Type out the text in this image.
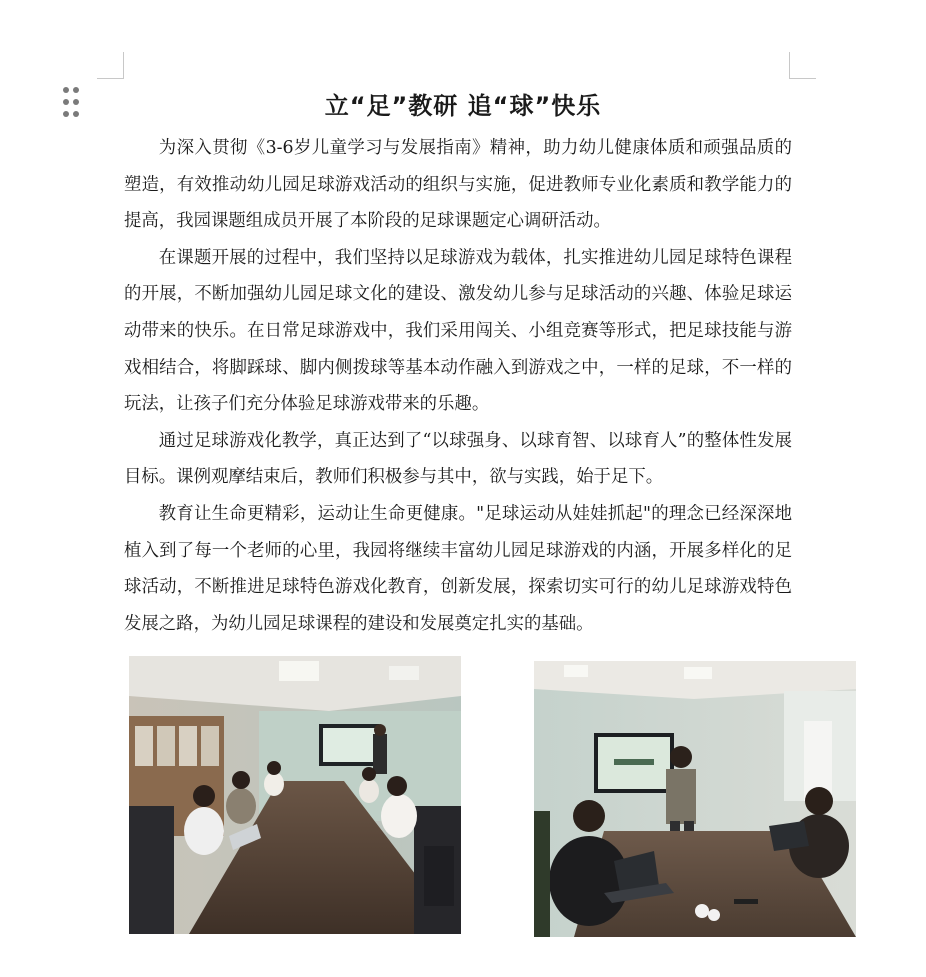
立“足”教研 追“球”快乐

为深入贯彻《3-6岁儿童学习与发展指南》精神，助力幼儿健康体质和顽强品质的塑造，有效推动幼儿园足球游戏活动的组织与实施，促进教师专业化素质和教学能力的提高，我园课题组成员开展了本阶段的足球课题定心调研活动。

在课题开展的过程中，我们坚持以足球游戏为载体，扎实推进幼儿园足球特色课程的开展，不断加强幼儿园足球文化的建设、激发幼儿参与足球活动的兴趣、体验足球运动带来的快乐。在日常足球游戏中，我们采用闯关、小组竞赛等形式，把足球技能与游戏相结合，将脚踩球、脚内侧拨球等基本动作融入到游戏之中，一样的足球，不一样的玩法，让孩子们充分体验足球游戏带来的乐趣。

通过足球游戏化教学，真正达到了“以球强身、以球育智、以球育人”的整体性发展目标。课例观摩结束后，教师们积极参与其中，欲与实践，始于足下。

教育让生命更精彩，运动让生命更健康。"足球运动从娃娃抓起"的理念已经深深地植入到了每一个老师的心里，我园将继续丰富幼儿园足球游戏的内涵，开展多样化的足球活动，不断推进足球特色游戏化教育，创新发展，探索切实可行的幼儿足球游戏特色发展之路，为幼儿园足球课程的建设和发展奠定扎实的基础。
